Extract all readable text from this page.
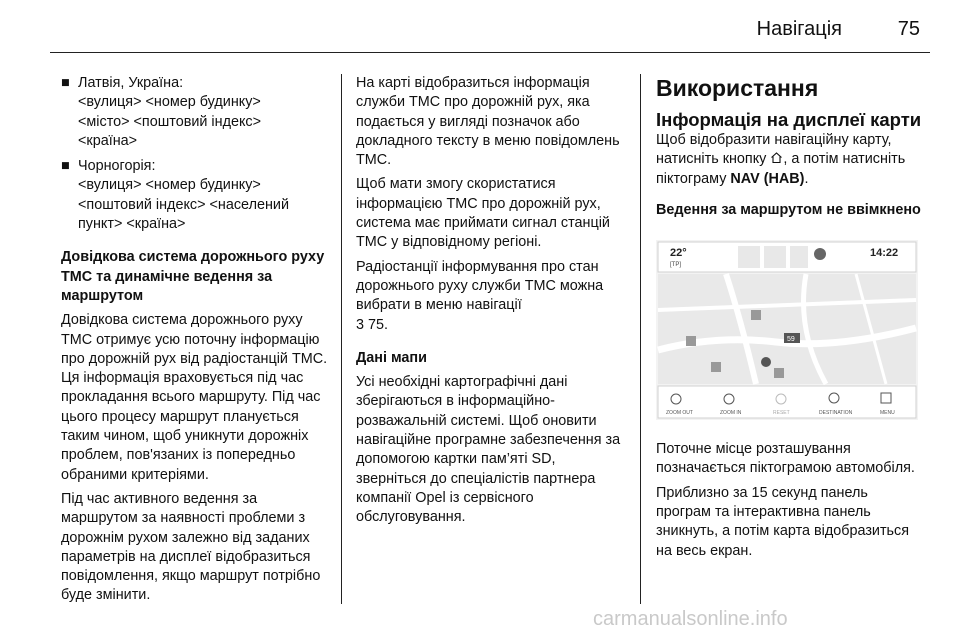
Навігація	75
■ Латвія, Україна:
<вулиця> <номер будинку>
<місто> <поштовий індекс>
<країна>
■ Чорногорія:
<вулиця> <номер будинку>
<поштовий індекс> <населений
пункт> <країна>

Довідкова система дорожнього руху TMC та динамічне ведення за маршрутом

Довідкова система дорожнього руху TMC отримує усю поточну інформацію про дорожній рух від радіостанцій TMC. Ця інформація враховується під час прокладання всього маршруту. Під час цього процесу маршрут планується таким чином, щоб уникнути дорожніх проблем, пов'язаних із попередньо обраними критеріями.

Під час активного ведення за маршрутом за наявності проблеми з дорожнім рухом залежно від заданих параметрів на дисплеї відобразиться повідомлення, якщо маршрут потрібно буде змінити.

На карті відобразиться інформація служби TMC про дорожній рух, яка подається у вигляді позначок або докладного тексту в меню повідомлень TMC.

Щоб мати змогу скористатися інформацією TMC про дорожній рух, система має приймати сигнал станцій TMC у відповідному регіоні.

Радіостанції інформування про стан дорожнього руху служби TMC можна вибрати в меню навігації
3 75.

Дані мапи

Усі необхідні картографічні дані зберігаються в інформаційно-розважальній системі. Щоб оновити навігаційне програмне забезпечення за допомогою картки пам’яті SD, зверніться до спеціалістів партнера компанії Opel із сервісного обслуговування.

Використання
Інформація на дисплеї карти

Щоб відобразити навігаційну карту, натисніть кнопку , а потім натисніть піктограму NAV (НАВ).

Ведення за маршрутом не ввімкнено

22°
[TP]
14:22
59
ZOOM OUT	ZOOM IN	RESET	DESTINATION	MENU

Поточне місце розташування позначається піктограмою автомобіля.

Приблизно за 15 секунд панель програм та інтерактивна панель зникнуть, а потім карта відобразиться на весь екран.

carmanualsonline.info
